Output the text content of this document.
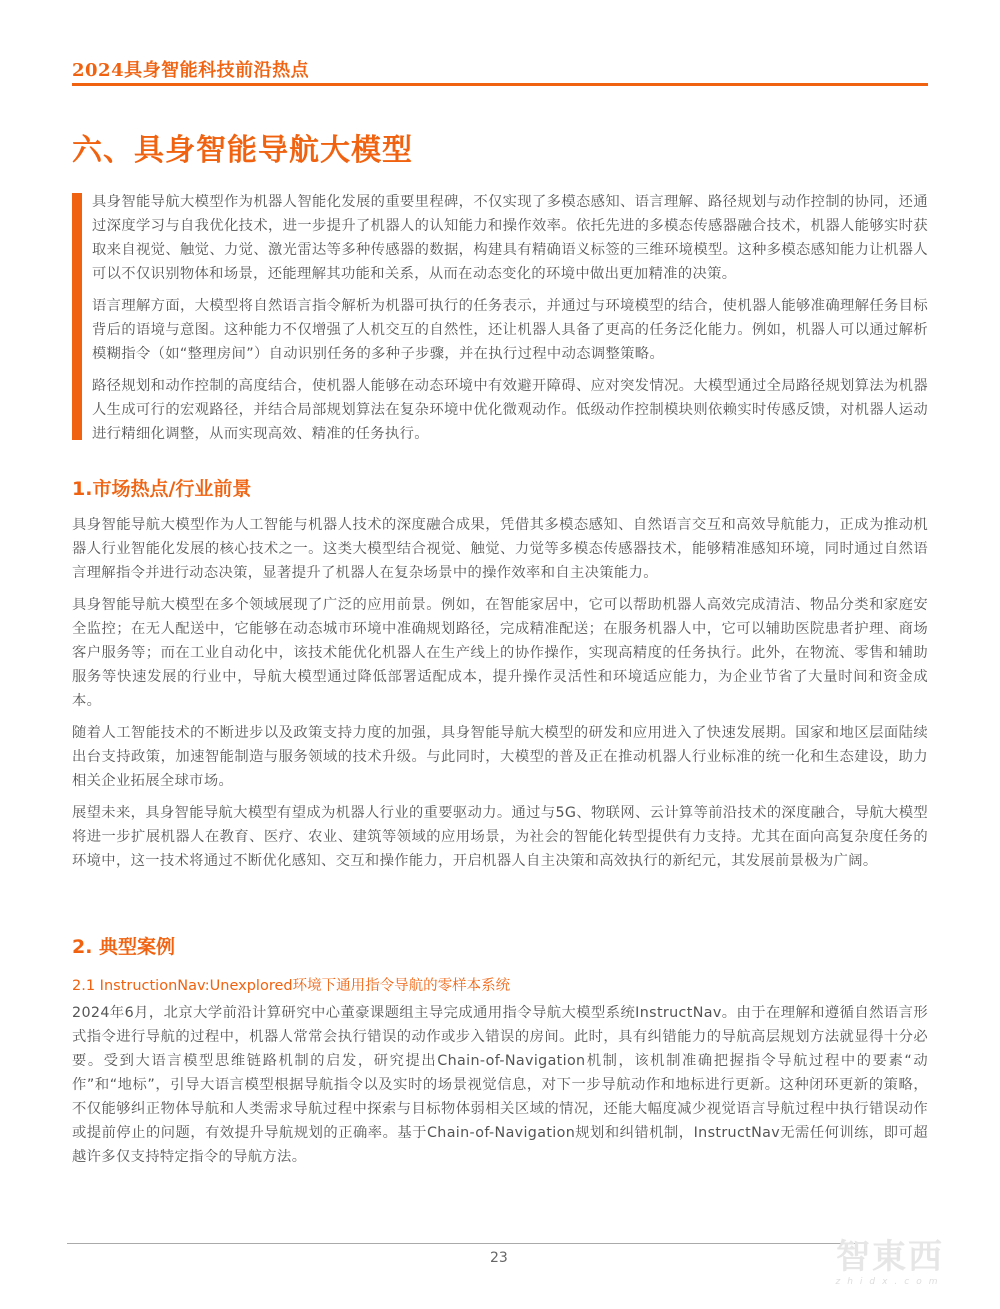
2024具身智能科技前沿热点
六、具身智能导航大模型

具身智能导航大模型作为机器人智能化发展的重要里程碑，不仅实现了多模态感知、语言理解、路径规划与动作控制的协同，还通过深度学习与自我优化技术，进一步提升了机器人的认知能力和操作效率。依托先进的多模态传感器融合技术，机器人能够实时获取来自视觉、触觉、力觉、激光雷达等多种传感器的数据，构建具有精确语义标签的三维环境模型。这种多模态感知能力让机器人可以不仅识别物体和场景，还能理解其功能和关系，从而在动态变化的环境中做出更加精准的决策。

语言理解方面，大模型将自然语言指令解析为机器可执行的任务表示，并通过与环境模型的结合，使机器人能够准确理解任务目标背后的语境与意图。这种能力不仅增强了人机交互的自然性，还让机器人具备了更高的任务泛化能力。例如，机器人可以通过解析模糊指令（如“整理房间”）自动识别任务的多种子步骤，并在执行过程中动态调整策略。

路径规划和动作控制的高度结合，使机器人能够在动态环境中有效避开障碍、应对突发情况。大模型通过全局路径规划算法为机器人生成可行的宏观路径，并结合局部规划算法在复杂环境中优化微观动作。低级动作控制模块则依赖实时传感反馈，对机器人运动进行精细化调整，从而实现高效、精准的任务执行。

1.市场热点/行业前景

具身智能导航大模型作为人工智能与机器人技术的深度融合成果，凭借其多模态感知、自然语言交互和高效导航能力，正成为推动机器人行业智能化发展的核心技术之一。这类大模型结合视觉、触觉、力觉等多模态传感器技术，能够精准感知环境，同时通过自然语言理解指令并进行动态决策，显著提升了机器人在复杂场景中的操作效率和自主决策能力。

具身智能导航大模型在多个领域展现了广泛的应用前景。例如，在智能家居中，它可以帮助机器人高效完成清洁、物品分类和家庭安全监控；在无人配送中，它能够在动态城市环境中准确规划路径，完成精准配送；在服务机器人中，它可以辅助医院患者护理、商场客户服务等；而在工业自动化中，该技术能优化机器人在生产线上的协作操作，实现高精度的任务执行。此外，在物流、零售和辅助服务等快速发展的行业中，导航大模型通过降低部署适配成本，提升操作灵活性和环境适应能力，为企业节省了大量时间和资金成本。

随着人工智能技术的不断进步以及政策支持力度的加强，具身智能导航大模型的研发和应用进入了快速发展期。国家和地区层面陆续出台支持政策，加速智能制造与服务领域的技术升级。与此同时，大模型的普及正在推动机器人行业标准的统一化和生态建设，助力相关企业拓展全球市场。

展望未来，具身智能导航大模型有望成为机器人行业的重要驱动力。通过与5G、物联网、云计算等前沿技术的深度融合，导航大模型将进一步扩展机器人在教育、医疗、农业、建筑等领域的应用场景，为社会的智能化转型提供有力支持。尤其在面向高复杂度任务的环境中，这一技术将通过不断优化感知、交互和操作能力，开启机器人自主决策和高效执行的新纪元，其发展前景极为广阔。

2. 典型案例
2.1 InstructionNav:Unexplored环境下通用指令导航的零样本系统

2024年6月，北京大学前沿计算研究中心董豪课题组主导完成通用指令导航大模型系统InstructNav。由于在理解和遵循自然语言形式指令进行导航的过程中，机器人常常会执行错误的动作或步入错误的房间。此时，具有纠错能力的导航高层规划方法就显得十分必要。受到大语言模型思维链路机制的启发，研究提出Chain-of-Navigation机制，该机制准确把握指令导航过程中的要素“动作”和“地标”，引导大语言模型根据导航指令以及实时的场景视觉信息，对下一步导航动作和地标进行更新。这种闭环更新的策略，不仅能够纠正物体导航和人类需求导航过程中探索与目标物体弱相关区域的情况，还能大幅度减少视觉语言导航过程中执行错误动作或提前停止的问题，有效提升导航规划的正确率。基于Chain-of-Navigation规划和纠错机制，InstructNav无需任何训练，即可超越许多仅支持特定指令的导航方法。

23	智東西
zhidx.com
